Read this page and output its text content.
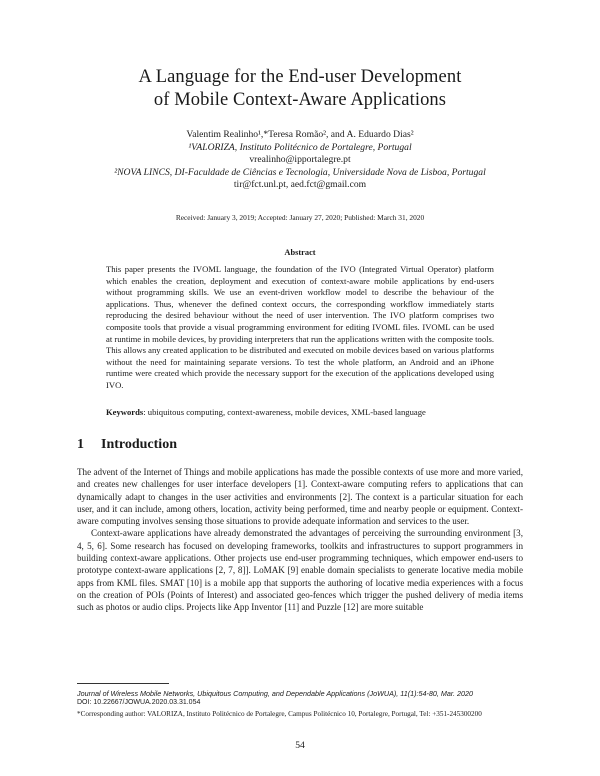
A Language for the End-user Development
of Mobile Context-Aware Applications
Valentim Realinho¹,*Teresa Romão², and A. Eduardo Dias²
¹VALORIZA, Instituto Politécnico de Portalegre, Portugal
vrealinho@ipportalegre.pt
²NOVA LINCS, DI-Faculdade de Ciências e Tecnologia, Universidade Nova de Lisboa, Portugal
tir@fct.unl.pt, aed.fct@gmail.com
Received: January 3, 2019; Accepted: January 27, 2020; Published: March 31, 2020
Abstract
This paper presents the IVOML language, the foundation of the IVO (Integrated Virtual Operator) platform which enables the creation, deployment and execution of context-aware mobile applications by end-users without programming skills. We use an event-driven workflow model to describe the behaviour of the applications. Thus, whenever the defined context occurs, the corresponding workflow immediately starts reproducing the desired behaviour without the need of user intervention. The IVO platform comprises two composite tools that provide a visual programming environment for editing IVOML files. IVOML can be used at runtime in mobile devices, by providing interpreters that run the applications written with the composite tools. This allows any created application to be distributed and executed on mobile devices based on various platforms without the need for maintaining separate versions. To test the whole platform, an Android and an iPhone runtime were created which provide the necessary support for the execution of the applications developed using IVO.
Keywords: ubiquitous computing, context-awareness, mobile devices, XML-based language
1 Introduction

The advent of the Internet of Things and mobile applications has made the possible contexts of use more and more varied, and creates new challenges for user interface developers [1]. Context-aware computing refers to applications that can dynamically adapt to changes in the user activities and environments [2]. The context is a particular situation for each user, and it can include, among others, location, activity being performed, time and nearby people or equipment. Context-aware computing involves sensing those situations to provide adequate information and services to the user.

Context-aware applications have already demonstrated the advantages of perceiving the surrounding environment [3, 4, 5, 6]. Some research has focused on developing frameworks, toolkits and infrastructures to support programmers in building context-aware applications. Other projects use end-user programming techniques, which empower end-users to prototype context-aware applications [2, 7, 8]]. LoMAK [9] enable domain specialists to generate locative media mobile apps from KML files. SMAT [10] is a mobile app that supports the authoring of locative media experiences with a focus on the creation of POIs (Points of Interest) and associated geo-fences which trigger the pushed delivery of media items such as photos or audio clips. Projects like App Inventor [11] and Puzzle [12] are more suitable

Journal of Wireless Mobile Networks, Ubiquitous Computing, and Dependable Applications (JoWUA), 11(1):54-80, Mar. 2020
DOI: 10.22667/JOWUA.2020.03.31.054
*Corresponding author: VALORIZA, Instituto Politécnico de Portalegre, Campus Politécnico 10, Portalegre, Portugal, Tel: +351-245300200
54
